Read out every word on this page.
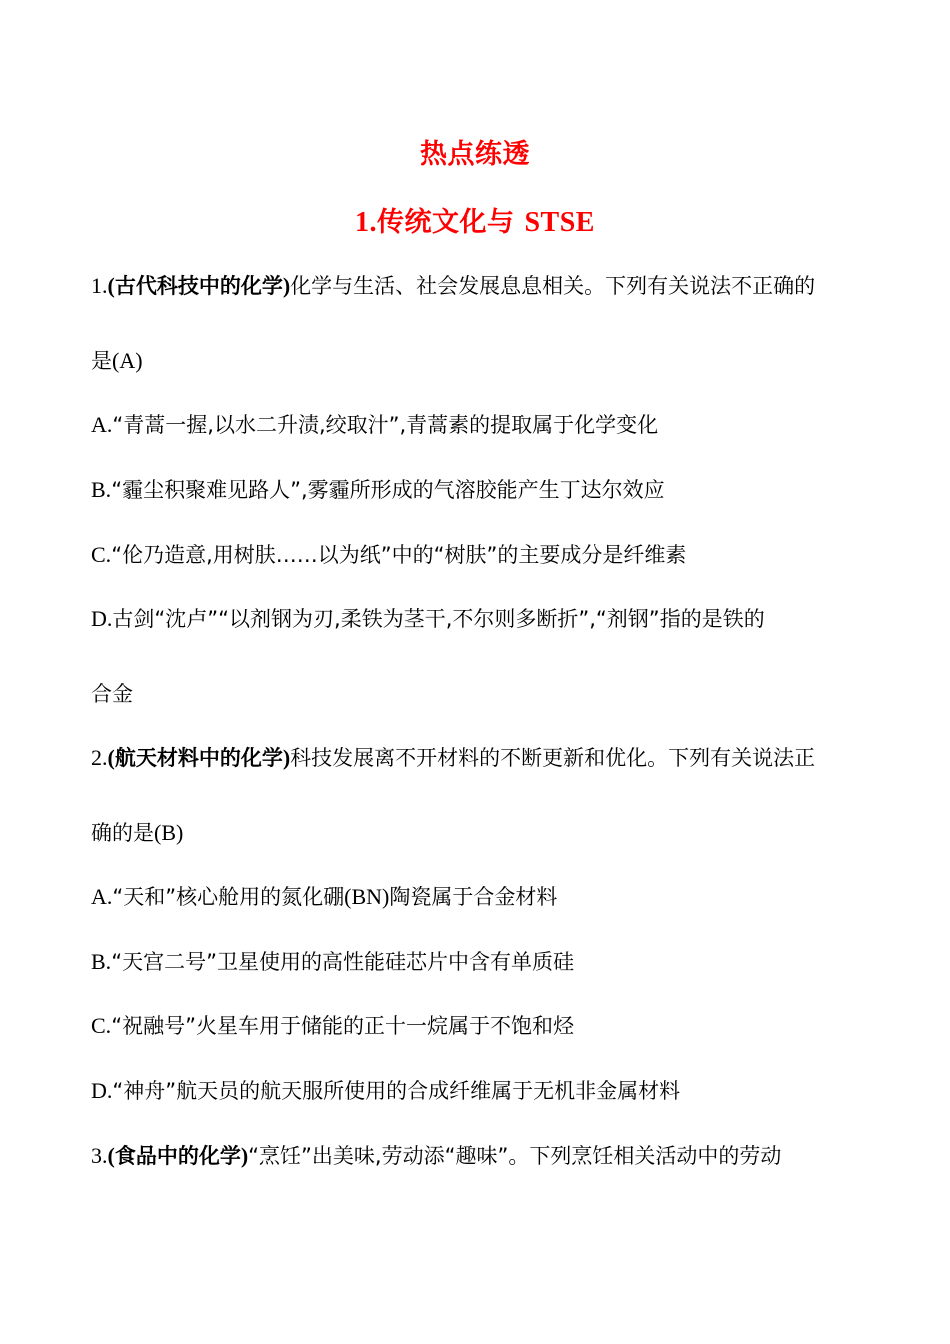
热点练透
1.传统文化与 STSE
1.(古代科技中的化学)化学与生活、社会发展息息相关。下列有关说法不正确的
是(A)
A.“青蒿一握,以水二升渍,绞取汁”,青蒿素的提取属于化学变化
B.“霾尘积聚难见路人”,雾霾所形成的气溶胶能产生丁达尔效应
C.“伦乃造意,用树肤……以为纸”中的“树肤”的主要成分是纤维素
D.古剑“沈卢”“以剂钢为刃,柔铁为茎干,不尔则多断折”,“剂钢”指的是铁的
合金
2.(航天材料中的化学)科技发展离不开材料的不断更新和优化。下列有关说法正
确的是(B)
A.“天和”核心舱用的氮化硼(BN)陶瓷属于合金材料
B.“天宫二号”卫星使用的高性能硅芯片中含有单质硅
C.“祝融号”火星车用于储能的正十一烷属于不饱和烃
D.“神舟”航天员的航天服所使用的合成纤维属于无机非金属材料
3.(食品中的化学)“烹饪”出美味,劳动添“趣味”。下列烹饪相关活动中的劳动
